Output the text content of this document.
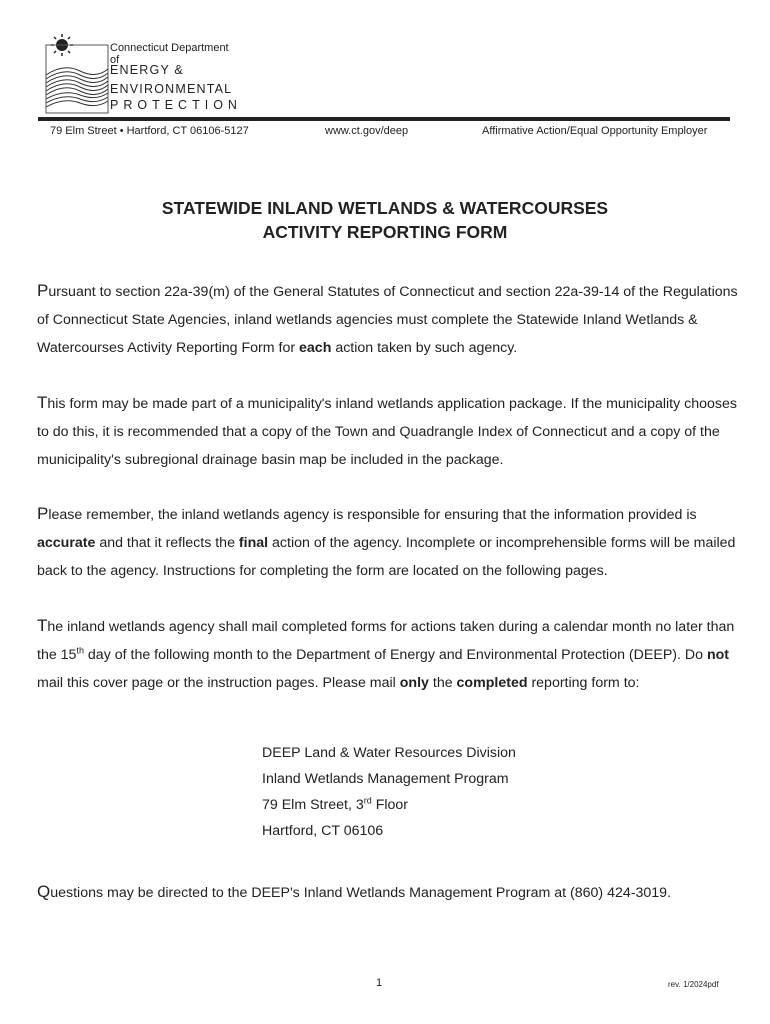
Connecticut Department of
ENERGY &
ENVIRONMENTAL
PROTECTION
79 Elm Street • Hartford, CT 06106-5127	www.ct.gov/deep	Affirmative Action/Equal Opportunity Employer
STATEWIDE INLAND WETLANDS & WATERCOURSES
ACTIVITY REPORTING FORM
Pursuant to section 22a-39(m) of the General Statutes of Connecticut and section 22a-39-14 of the Regulations of Connecticut State Agencies, inland wetlands agencies must complete the Statewide Inland Wetlands & Watercourses Activity Reporting Form for each action taken by such agency.
This form may be made part of a municipality's inland wetlands application package. If the municipality chooses to do this, it is recommended that a copy of the Town and Quadrangle Index of Connecticut and a copy of the municipality's subregional drainage basin map be included in the package.
Please remember, the inland wetlands agency is responsible for ensuring that the information provided is accurate and that it reflects the final action of the agency. Incomplete or incomprehensible forms will be mailed back to the agency. Instructions for completing the form are located on the following pages.
The inland wetlands agency shall mail completed forms for actions taken during a calendar month no later than the 15th day of the following month to the Department of Energy and Environmental Protection (DEEP). Do not mail this cover page or the instruction pages. Please mail only the completed reporting form to:
DEEP Land & Water Resources Division
Inland Wetlands Management Program
79 Elm Street, 3rd Floor
Hartford, CT 06106
Questions may be directed to the DEEP's Inland Wetlands Management Program at (860) 424-3019.
1	rev. 1/2024pdf
